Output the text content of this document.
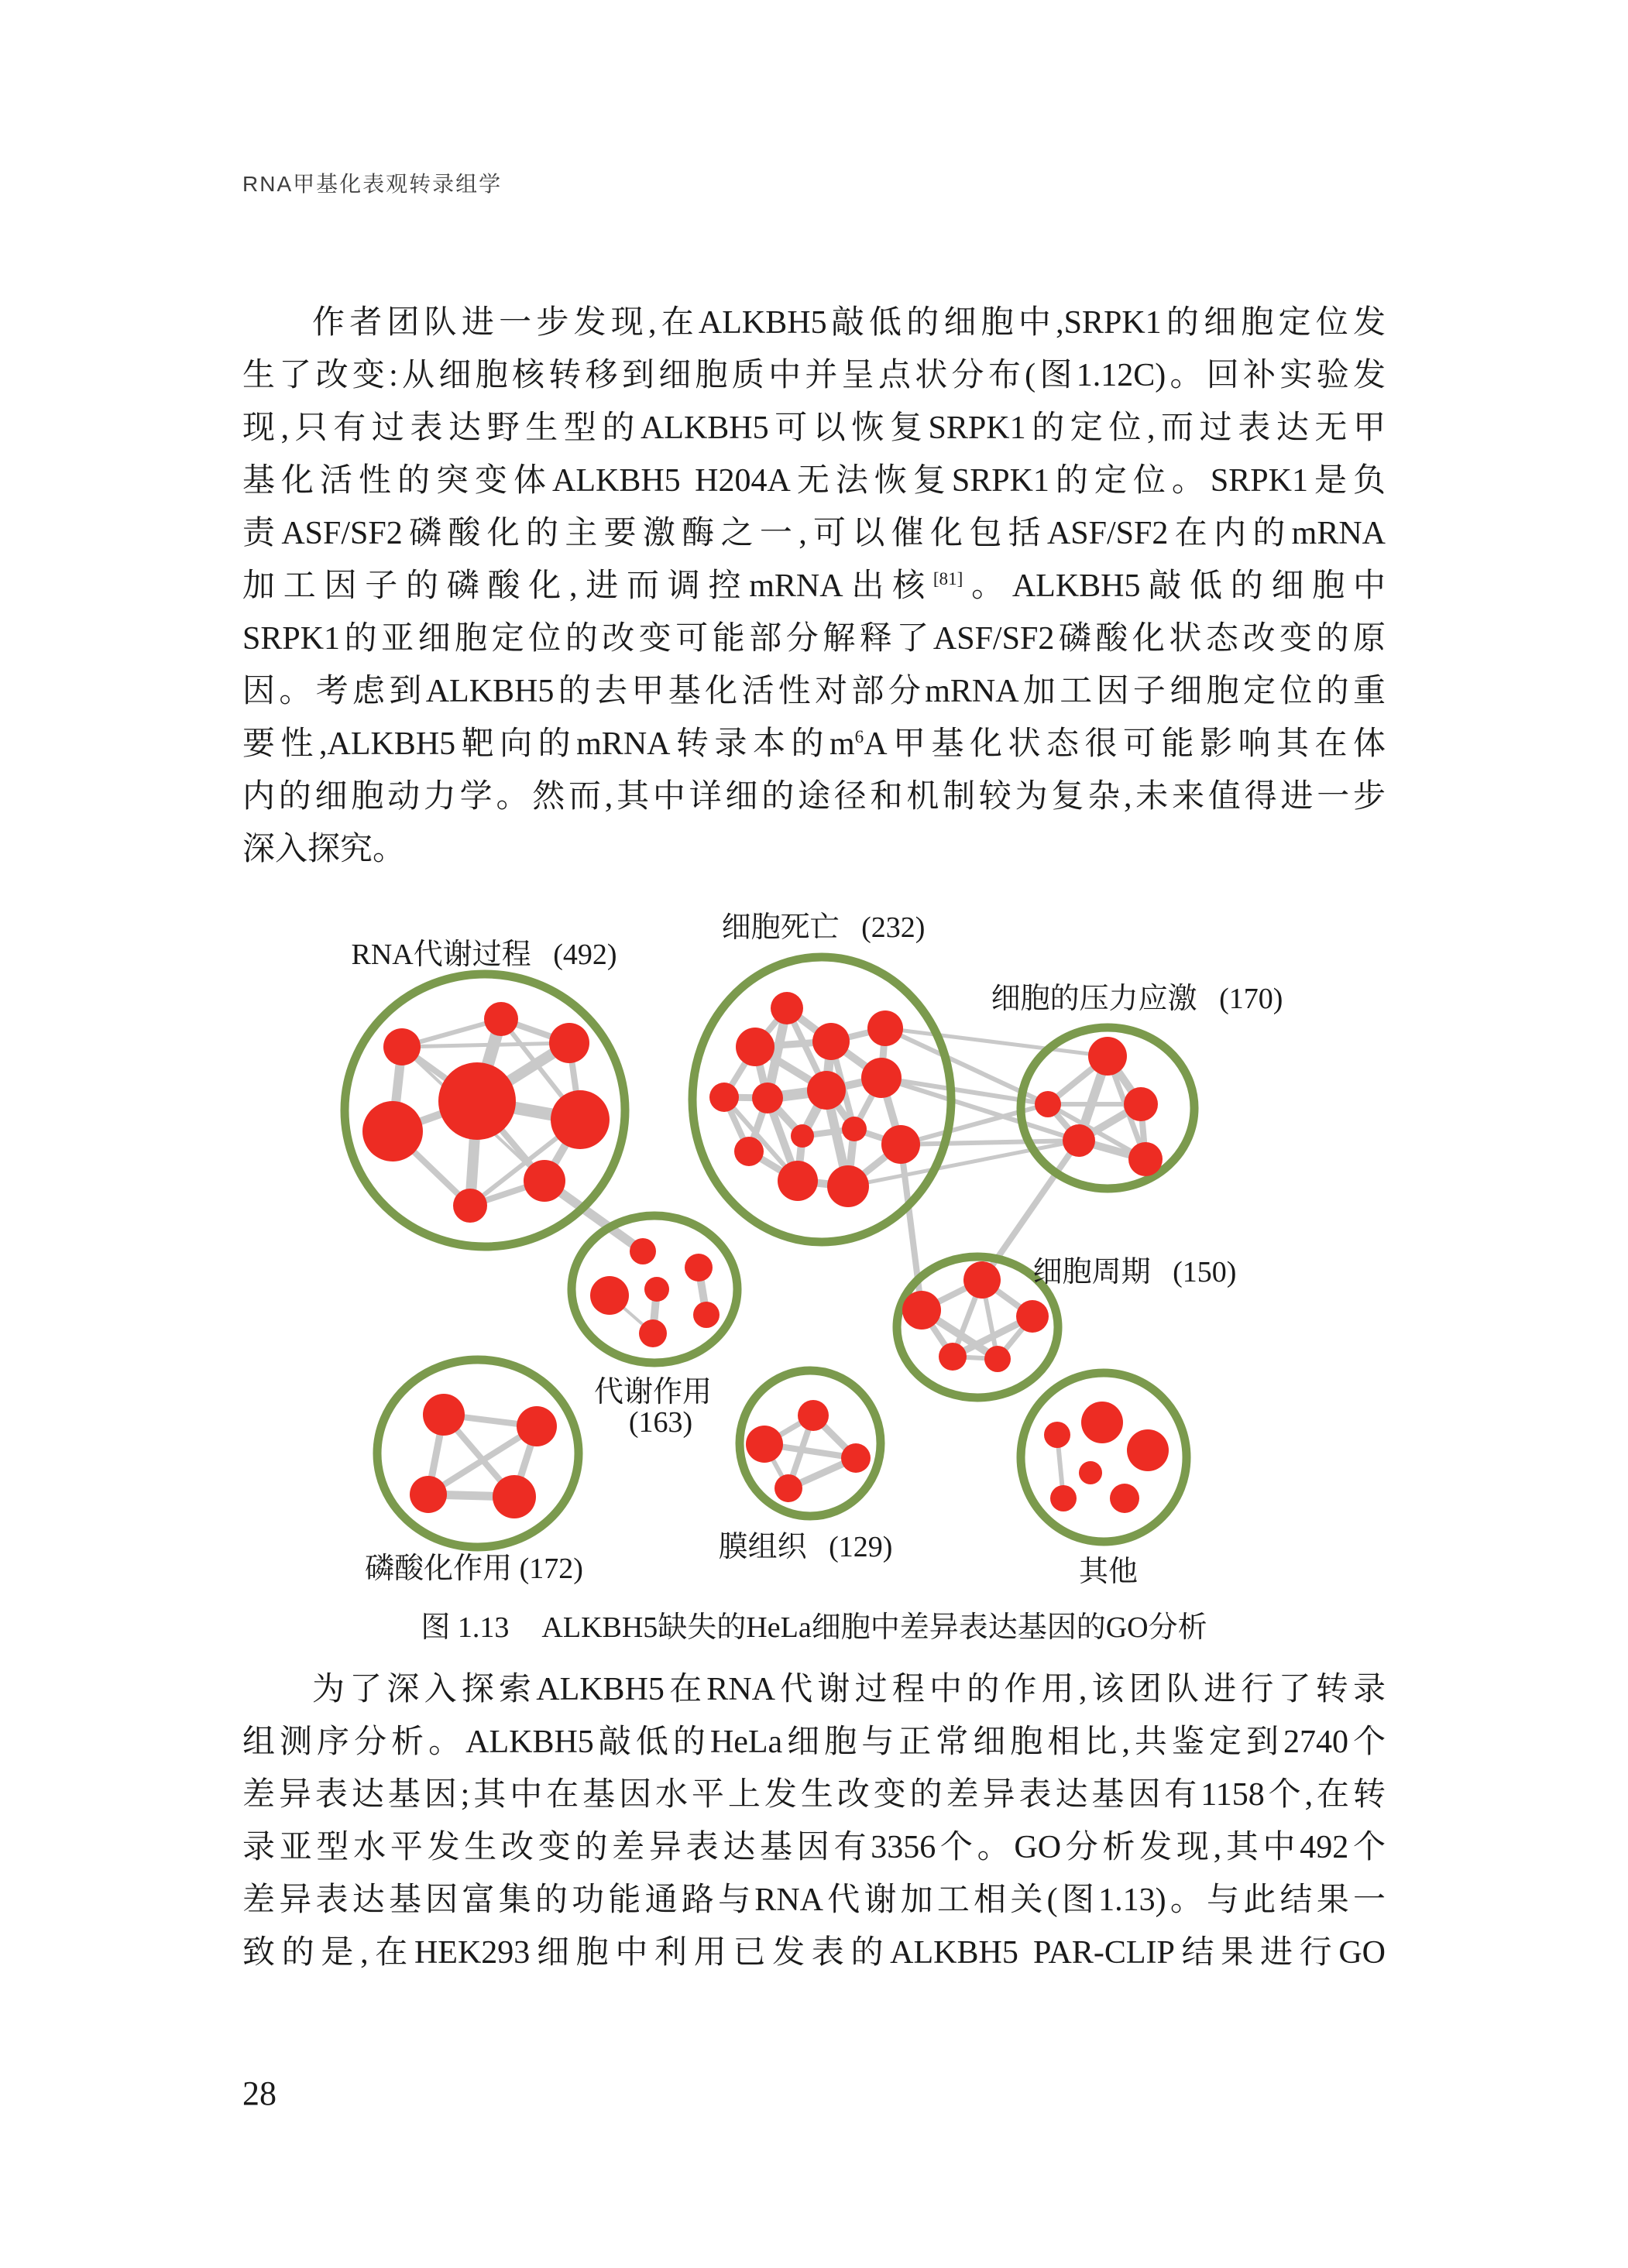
RNA甲基化表观转录组学
作者团队进一步发现,在ALKBH5敲低的细胞中,SRPK1的细胞定位发
生了改变:从细胞核转移到细胞质中并呈点状分布(图1.12C)。回补实验发
现,只有过表达野生型的ALKBH5可以恢复SRPK1的定位,而过表达无甲
基化活性的突变体ALKBH5 H204A无法恢复SRPK1的定位。SRPK1是负
责ASF/SF2磷酸化的主要激酶之一,可以催化包括ASF/SF2在内的mRNA
加工因子的磷酸化,进而调控mRNA出核[81]。ALKBH5敲低的细胞中
SRPK1的亚细胞定位的改变可能部分解释了ASF/SF2磷酸化状态改变的原
因。考虑到ALKBH5的去甲基化活性对部分mRNA加工因子细胞定位的重
要性,ALKBH5靶向的mRNA转录本的$m^6A$甲基化状态很可能影响其在体
内的细胞动力学。然而,其中详细的途径和机制较为复杂,未来值得进一步
深入探究。
RNA代谢过程  (492)
细胞死亡  (232)
细胞的压力应激  (170)
代谢作用
(163)
细胞周期  (150)
磷酸化作用 (172)
膜组织  (129)
其他
图 1.13 ALKBH5缺失的HeLa细胞中差异表达基因的GO分析
为了深入探索ALKBH5在RNA代谢过程中的作用,该团队进行了转录
组测序分析。ALKBH5敲低的HeLa细胞与正常细胞相比,共鉴定到2740个
差异表达基因;其中在基因水平上发生改变的差异表达基因有1158个,在转
录亚型水平发生改变的差异表达基因有3356个。GO分析发现,其中492个
差异表达基因富集的功能通路与RNA代谢加工相关(图1.13)。与此结果一
致的是,在HEK293细胞中利用已发表的ALKBH5 PAR-CLIP结果进行GO
28
